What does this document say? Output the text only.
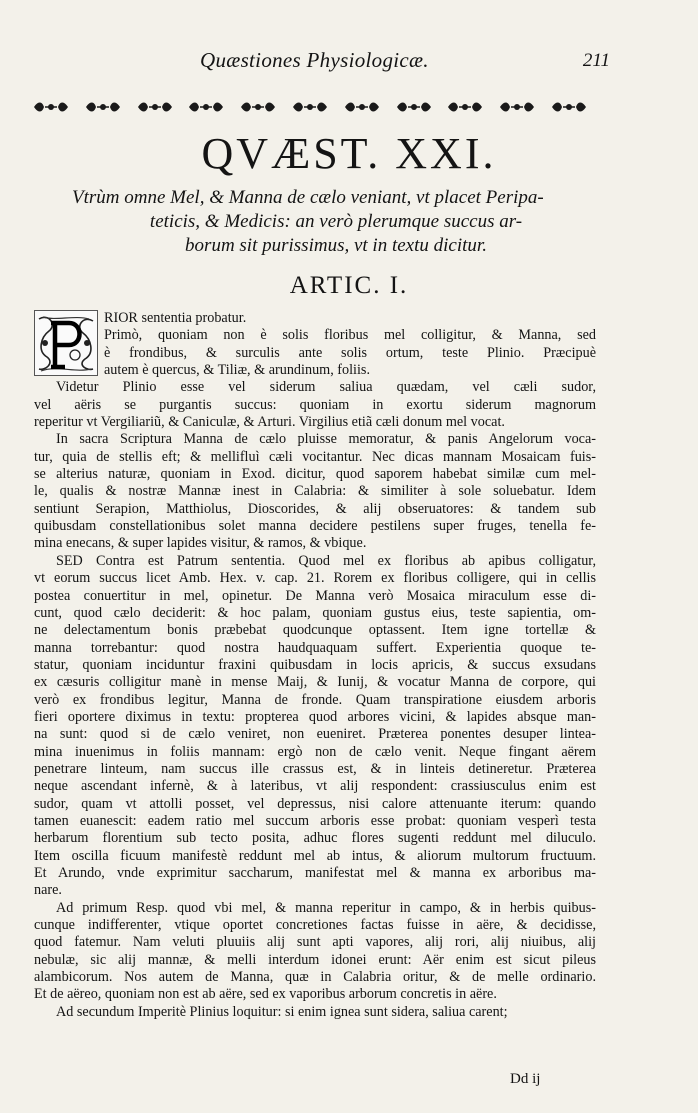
Quæstiones Physiologicæ.	211
QVÆST. XXI.
Vtrùm omne Mel, & Manna de cælo veniant, vt placet Peripa-
teticis, & Medicis: an verò plerumque succus ar-
borum sit purissimus, vt in textu dicitur.
ARTIC. I.
RIOR sententia probatur.
Primò, quoniam non è solis floribus mel colligitur, & Manna, sed
è frondibus, & surculis ante solis ortum, teste Plinio. Præcipuè
autem è quercus, & Tiliæ, & arundinum, foliis.
Videtur Plinio esse vel siderum saliua quædam, vel cæli sudor,
vel aëris se purgantis succus: quoniam in exortu siderum magnorum
reperitur vt Vergiliariũ, & Caniculæ, & Arturi. Virgilius etiã cæli donum mel vocat.
In sacra Scriptura Manna de cælo pluisse memoratur, & panis Angelorum voca-
tur, quia de stellis eft; & mellifluì cæli vocitantur. Nec dicas mannam Mosaicam fuis-
se alterius naturæ, quoniam in Exod. dicitur, quod saporem habebat similæ cum mel-
le, qualis & nostræ Mannæ inest in Calabria: & similiter à sole soluebatur. Idem
sentiunt Serapion, Matthiolus, Dioscorides, & alij obseruatores: & tandem sub
quibusdam constellationibus solet manna decidere pestilens super fruges, tenella fe-
mina enecans, & super lapides visitur, & ramos, & vbique.
SED Contra est Patrum sententia. Quod mel ex floribus ab apibus colligatur,
vt eorum succus licet Amb. Hex. v. cap. 21. Rorem ex floribus colligere, qui in cellis
postea conuertitur in mel, opinetur. De Manna verò Mosaica miraculum esse di-
cunt, quod cælo deciderit: & hoc palam, quoniam gustus eius, teste sapientia, om-
ne delectamentum bonis præbebat quodcunque optassent. Item igne tortellæ &
manna torrebantur: quod nostra haudquaquam suffert. Experientia quoque te-
statur, quoniam inciduntur fraxini quibusdam in locis apricis, & succus exsudans
ex cæsuris colligitur manè in mense Maij, & Iunij, & vocatur Manna de corpore, qui
verò ex frondibus legitur, Manna de fronde. Quam transpiratione eiusdem arboris
fieri oportere diximus in textu: propterea quod arbores vicini, & lapides absque man-
na sunt: quod si de cælo veniret, non eueniret. Præterea ponentes desuper lintea-
mina inuenimus in foliis mannam: ergò non de cælo venit. Neque fingant aërem
penetrare linteum, nam succus ille crassus est, & in linteis detineretur. Præterea
neque ascendant infernè, & à lateribus, vt alij respondent: crassiusculus enim est
sudor, quam vt attolli posset, vel depressus, nisi calore attenuante iterum: quando
tamen euanescit: eadem ratio mel succum arboris esse probat: quoniam vesperì testa
herbarum florentium sub tecto posita, adhuc flores sugenti reddunt mel diluculo.
Item oscilla ficuum manifestè reddunt mel ab intus, & aliorum multorum fructuum.
Et Arundo, vnde exprimitur saccharum, manifestat mel & manna ex arboribus ma-
nare.
Ad primum Resp. quod vbi mel, & manna reperitur in campo, & in herbis quibus-
cunque indifferenter, vtique oportet concretiones factas fuisse in aëre, & decidisse,
quod fatemur. Nam veluti pluuiis alij sunt apti vapores, alij rori, alij niuibus, alij
nebulæ, sic alij mannæ, & melli interdum idonei erunt: Aër enim est sicut pileus
alambicorum. Nos autem de Manna, quæ in Calabria oritur, & de melle ordinario.
Et de aëreo, quoniam non est ab aëre, sed ex vaporibus arborum concretis in aëre.
Ad secundum Imperitè Plinius loquitur: si enim ignea sunt sidera, saliua carent;
Dd ij
